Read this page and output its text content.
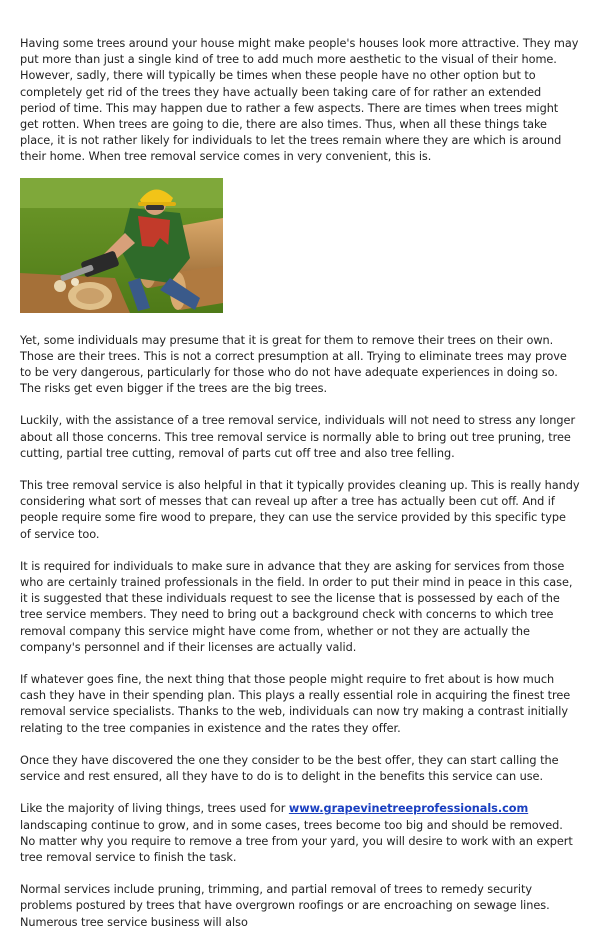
Having some trees around your house might make people's houses look more attractive. They may put more than just a single kind of tree to add much more aesthetic to the visual of their home. However, sadly, there will typically be times when these people have no other option but to completely get rid of the trees they have actually been taking care of for rather an extended period of time. This may happen due to rather a few aspects. There are times when trees might get rotten. When trees are going to die, there are also times. Thus, when all these things take place, it is not rather likely for individuals to let the trees remain where they are which is around their home. When tree removal service comes in very convenient, this is.

Yet, some individuals may presume that it is great for them to remove their trees on their own. Those are their trees. This is not a correct presumption at all. Trying to eliminate trees may prove to be very dangerous, particularly for those who do not have adequate experiences in doing so. The risks get even bigger if the trees are the big trees.

Luckily, with the assistance of a tree removal service, individuals will not need to stress any longer about all those concerns. This tree removal service is normally able to bring out tree pruning, tree cutting, partial tree cutting, removal of parts cut off tree and also tree felling.

This tree removal service is also helpful in that it typically provides cleaning up. This is really handy considering what sort of messes that can reveal up after a tree has actually been cut off. And if people require some fire wood to prepare, they can use the service provided by this specific type of service too.

It is required for individuals to make sure in advance that they are asking for services from those who are certainly trained professionals in the field. In order to put their mind in peace in this case, it is suggested that these individuals request to see the license that is possessed by each of the tree service members. They need to bring out a background check with concerns to which tree removal company this service might have come from, whether or not they are actually the company's personnel and if their licenses are actually valid.

If whatever goes fine, the next thing that those people might require to fret about is how much cash they have in their spending plan. This plays a really essential role in acquiring the finest tree removal service specialists. Thanks to the web, individuals can now try making a contrast initially relating to the tree companies in existence and the rates they offer.

Once they have discovered the one they consider to be the best offer, they can start calling the service and rest ensured, all they have to do is to delight in the benefits this service can use.

Like the majority of living things, trees used for www.grapevinetreeprofessionals.com landscaping continue to grow, and in some cases, trees become too big and should be removed. No matter why you require to remove a tree from your yard, you will desire to work with an expert tree removal service to finish the task.

Normal services include pruning, trimming, and partial removal of trees to remedy security problems postured by trees that have overgrown roofings or are encroaching on sewage lines. Numerous tree service business will also
